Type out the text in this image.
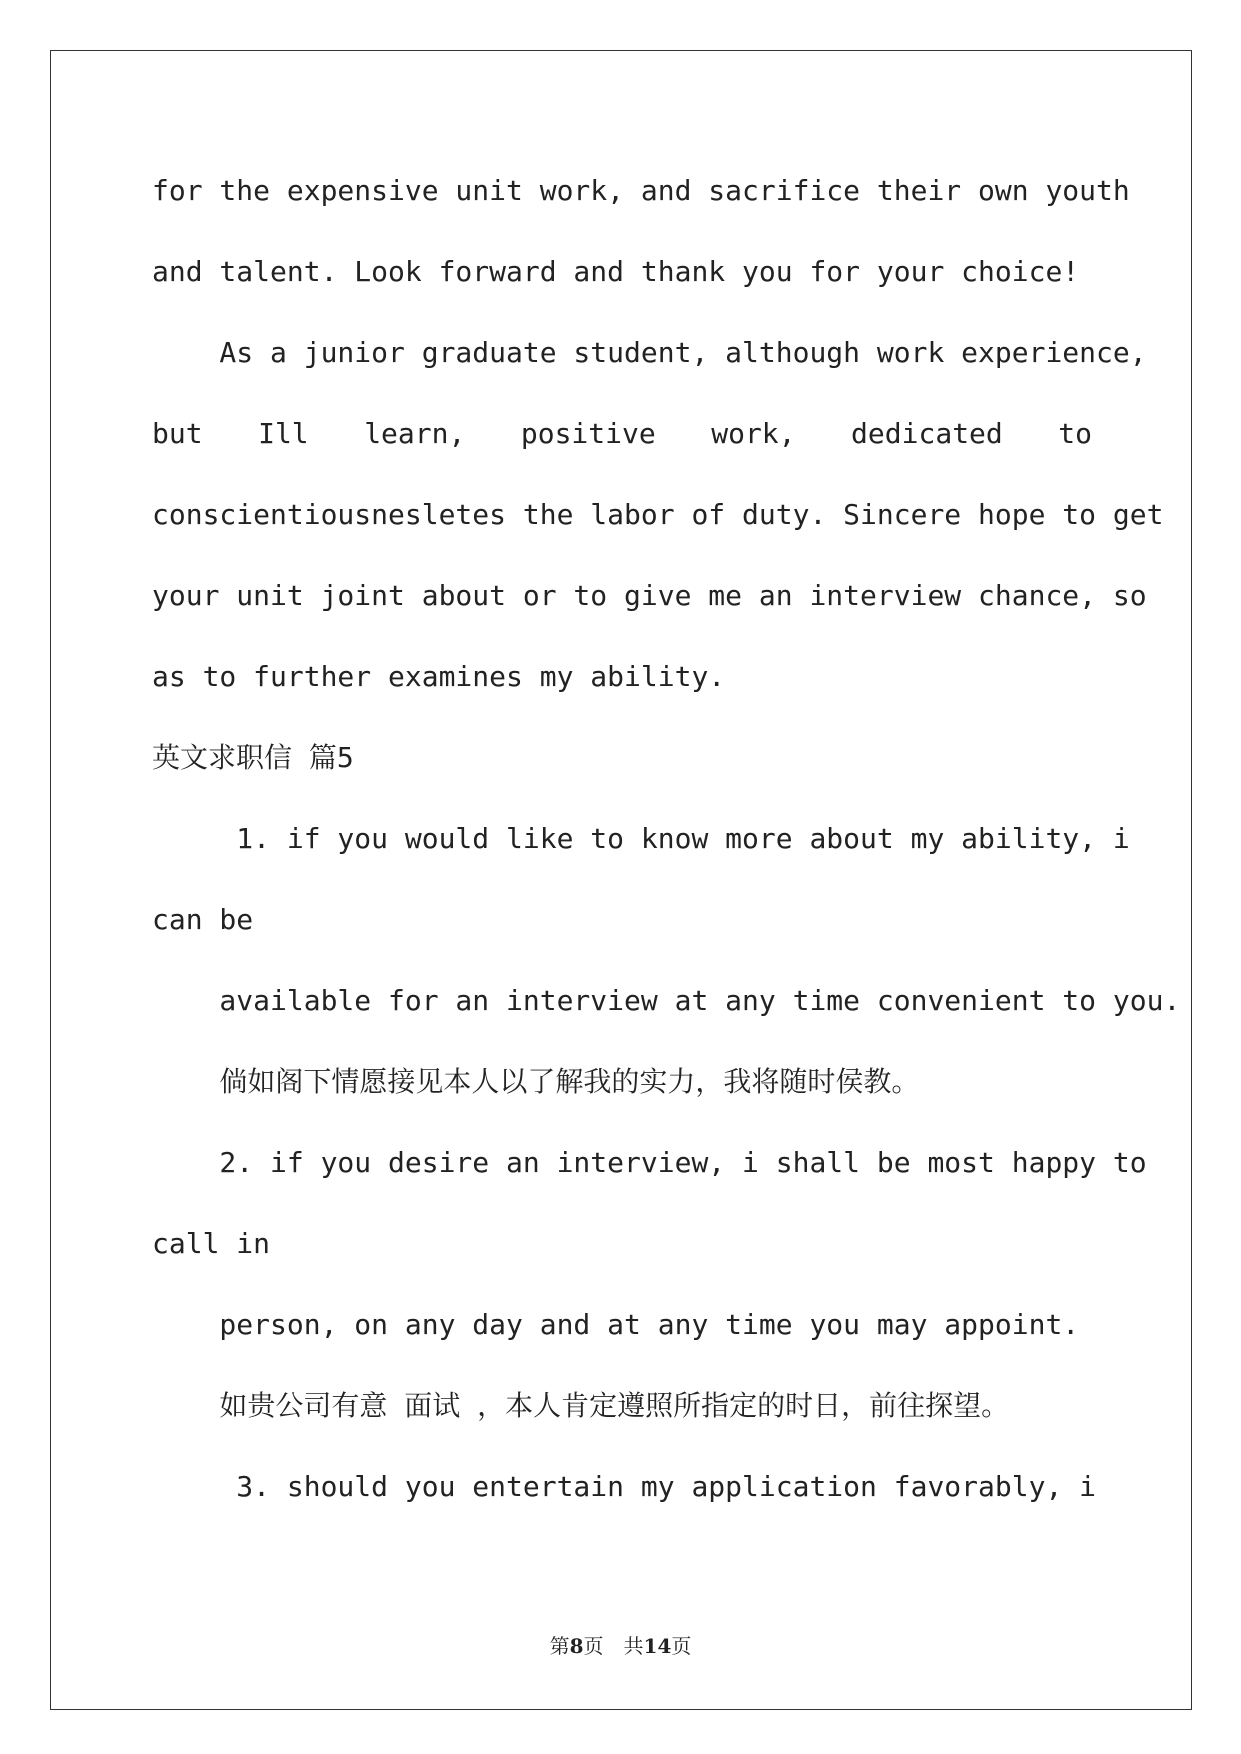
for the expensive unit work, and sacrifice their own youth

and talent. Look forward and thank you for your choice!

As a junior graduate student, although work experience,

but Ill learn, positive work, dedicated to

conscientiousnesletes the labor of duty. Sincere hope to get

your unit joint about or to give me an interview chance, so

as to further examines my ability.

英文求职信 篇5

1. if you would like to know more about my ability, i

can be

available for an interview at any time convenient to you.

倘如阁下情愿接见本人以了解我的实力，我将随时侯教。

2. if you desire an interview, i shall be most happy to

call in

person, on any day and at any time you may appoint.

如贵公司有意 面试 ，本人肯定遵照所指定的时日，前往探望。

3. should you entertain my application favorably, i

第8页　共14页
